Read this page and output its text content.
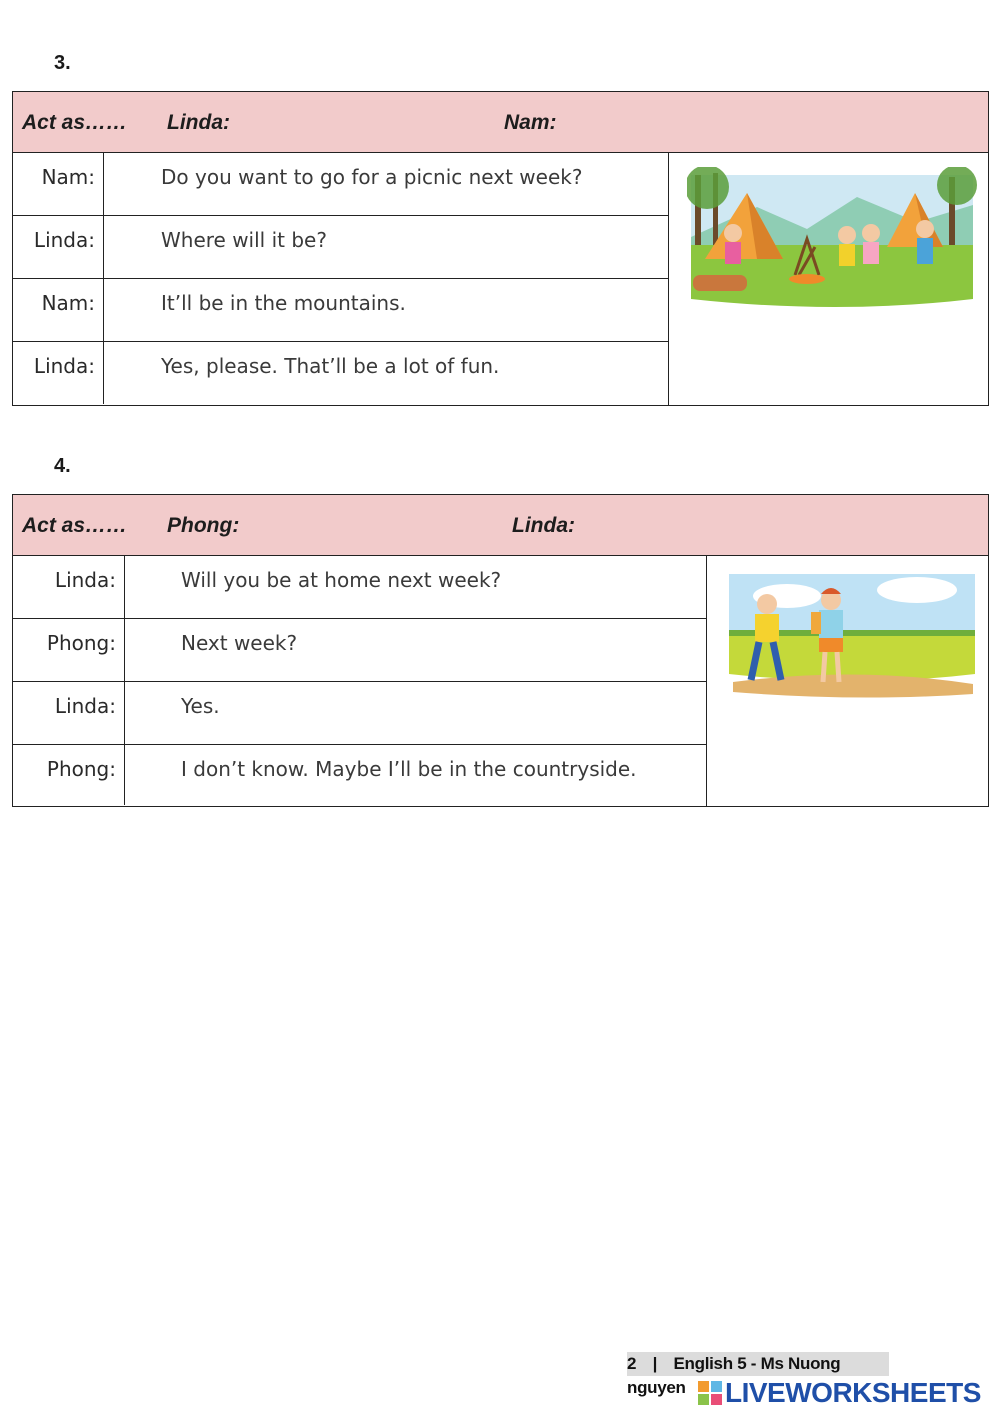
3.
Act as…… Linda:	Nam:
Nam:	Do you want to go for a picnic next week?
Linda:	Where will it be?
Nam:	It’ll be in the mountains.
Linda:	Yes, please. That’ll be a lot of fun.
4.
Act as…… Phong:	Linda:
Linda:	Will you be at home next week?
Phong:	Next week?
Linda:	Yes.
Phong:	I don’t know. Maybe I’ll be in the countryside.
2 | English 5 - Ms Nuong nguyen	LIVEWORKSHEETS
